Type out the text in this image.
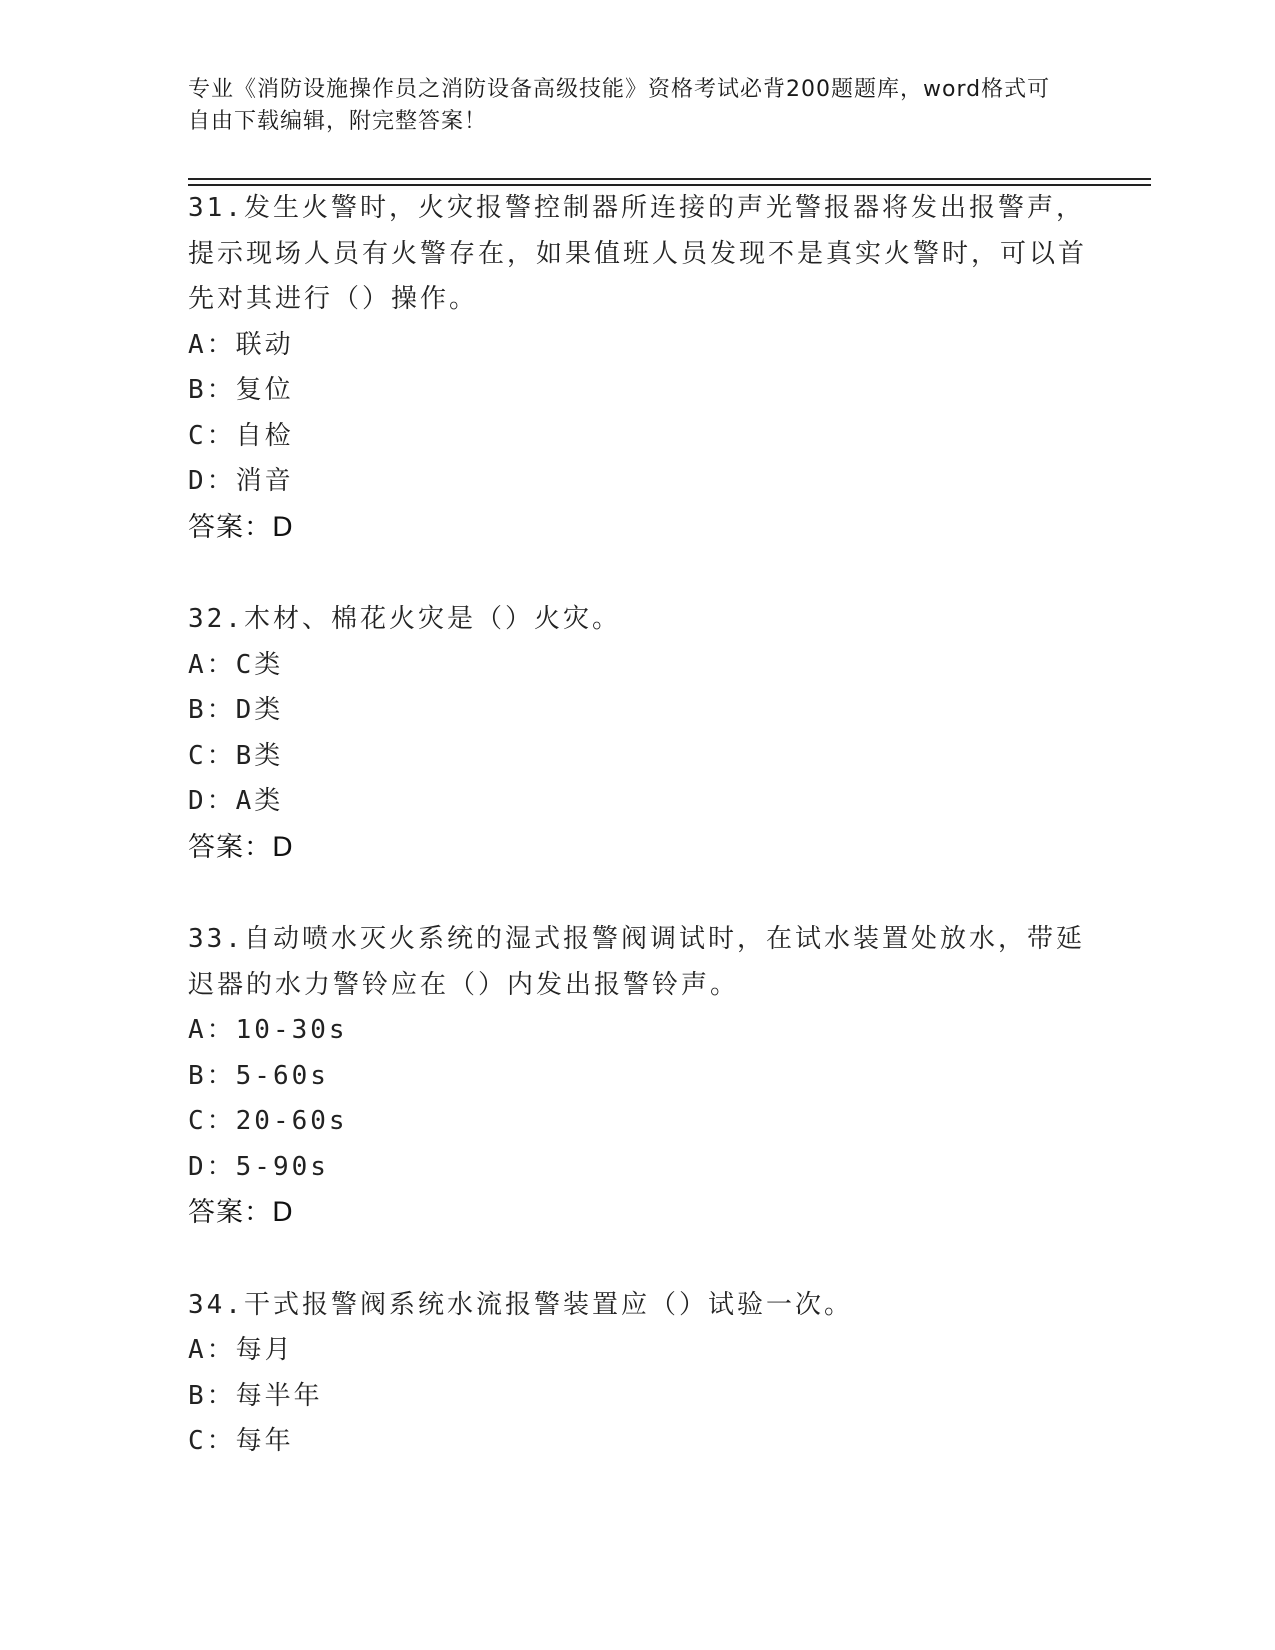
专业《消防设施操作员之消防设备高级技能》资格考试必背200题题库，word格式可自由下载编辑，附完整答案！
31.发生火警时，火灾报警控制器所连接的声光警报器将发出报警声，提示现场人员有火警存在，如果值班人员发现不是真实火警时，可以首先对其进行（）操作。
A：联动
B：复位
C：自检
D：消音
答案：D
32.木材、棉花火灾是（）火灾。
A：C类
B：D类
C：B类
D：A类
答案：D
33.自动喷水灭火系统的湿式报警阀调试时，在试水装置处放水，带延迟器的水力警铃应在（）内发出报警铃声。
A：10-30s
B：5-60s
C：20-60s
D：5-90s
答案：D
34.干式报警阀系统水流报警装置应（）试验一次。
A：每月
B：每半年
C：每年
